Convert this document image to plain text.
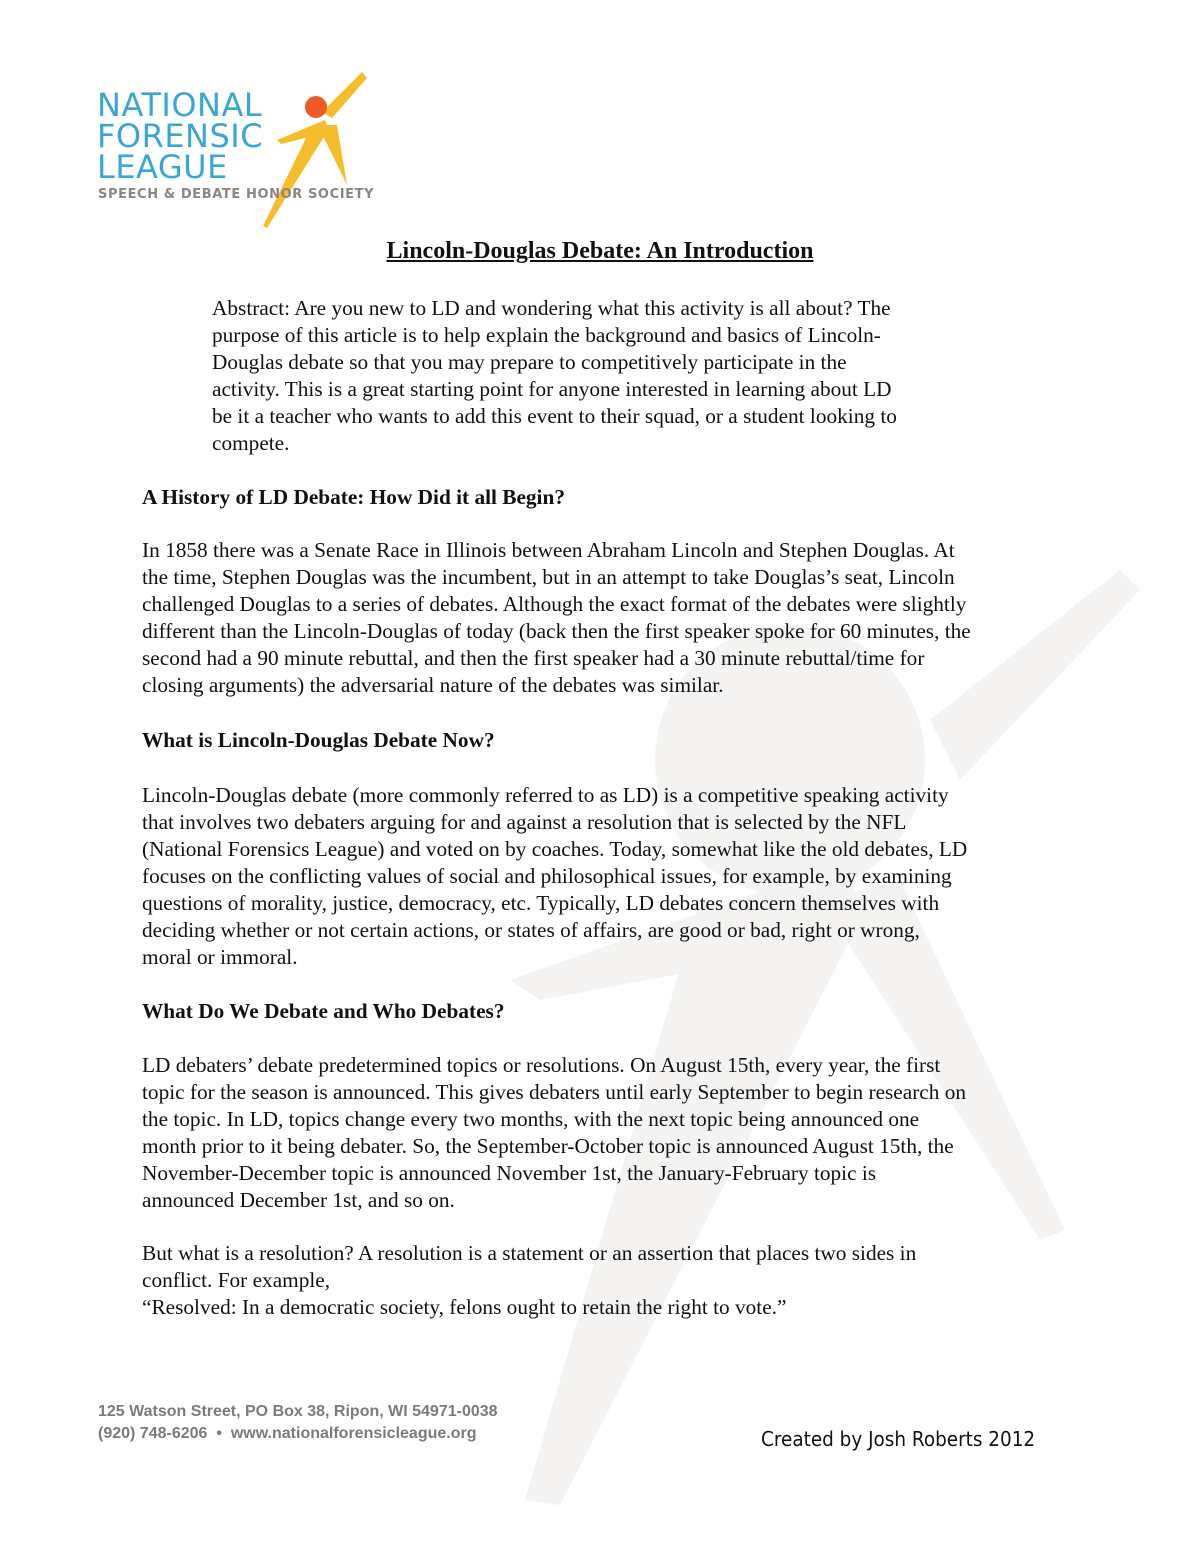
NATIONAL
FORENSIC
LEAGUE
SPEECH & DEBATE HONOR SOCIETY
Lincoln-Douglas Debate: An Introduction
Abstract: Are you new to LD and wondering what this activity is all about? The
purpose of this article is to help explain the background and basics of Lincoln-
Douglas debate so that you may prepare to competitively participate in the
activity. This is a great starting point for anyone interested in learning about LD
be it a teacher who wants to add this event to their squad, or a student looking to
compete.
A History of LD Debate: How Did it all Begin?
In 1858 there was a Senate Race in Illinois between Abraham Lincoln and Stephen Douglas. At
the time, Stephen Douglas was the incumbent, but in an attempt to take Douglas’s seat, Lincoln
challenged Douglas to a series of debates. Although the exact format of the debates were slightly
different than the Lincoln-Douglas of today (back then the first speaker spoke for 60 minutes, the
second had a 90 minute rebuttal, and then the first speaker had a 30 minute rebuttal/time for
closing arguments) the adversarial nature of the debates was similar.
What is Lincoln-Douglas Debate Now?
Lincoln-Douglas debate (more commonly referred to as LD) is a competitive speaking activity
that involves two debaters arguing for and against a resolution that is selected by the NFL
(National Forensics League) and voted on by coaches. Today, somewhat like the old debates, LD
focuses on the conflicting values of social and philosophical issues, for example, by examining
questions of morality, justice, democracy, etc. Typically, LD debates concern themselves with
deciding whether or not certain actions, or states of affairs, are good or bad, right or wrong,
moral or immoral.
What Do We Debate and Who Debates?
LD debaters’ debate predetermined topics or resolutions. On August 15th, every year, the first
topic for the season is announced. This gives debaters until early September to begin research on
the topic. In LD, topics change every two months, with the next topic being announced one
month prior to it being debater. So, the September-October topic is announced August 15th, the
November-December topic is announced November 1st, the January-February topic is
announced December 1st, and so on.
But what is a resolution? A resolution is a statement or an assertion that places two sides in
conflict. For example,
“Resolved: In a democratic society, felons ought to retain the right to vote.”
125 Watson Street, PO Box 38, Ripon, WI 54971-0038
(920) 748-6206 • www.nationalforensicleague.org	Created by Josh Roberts 2012
